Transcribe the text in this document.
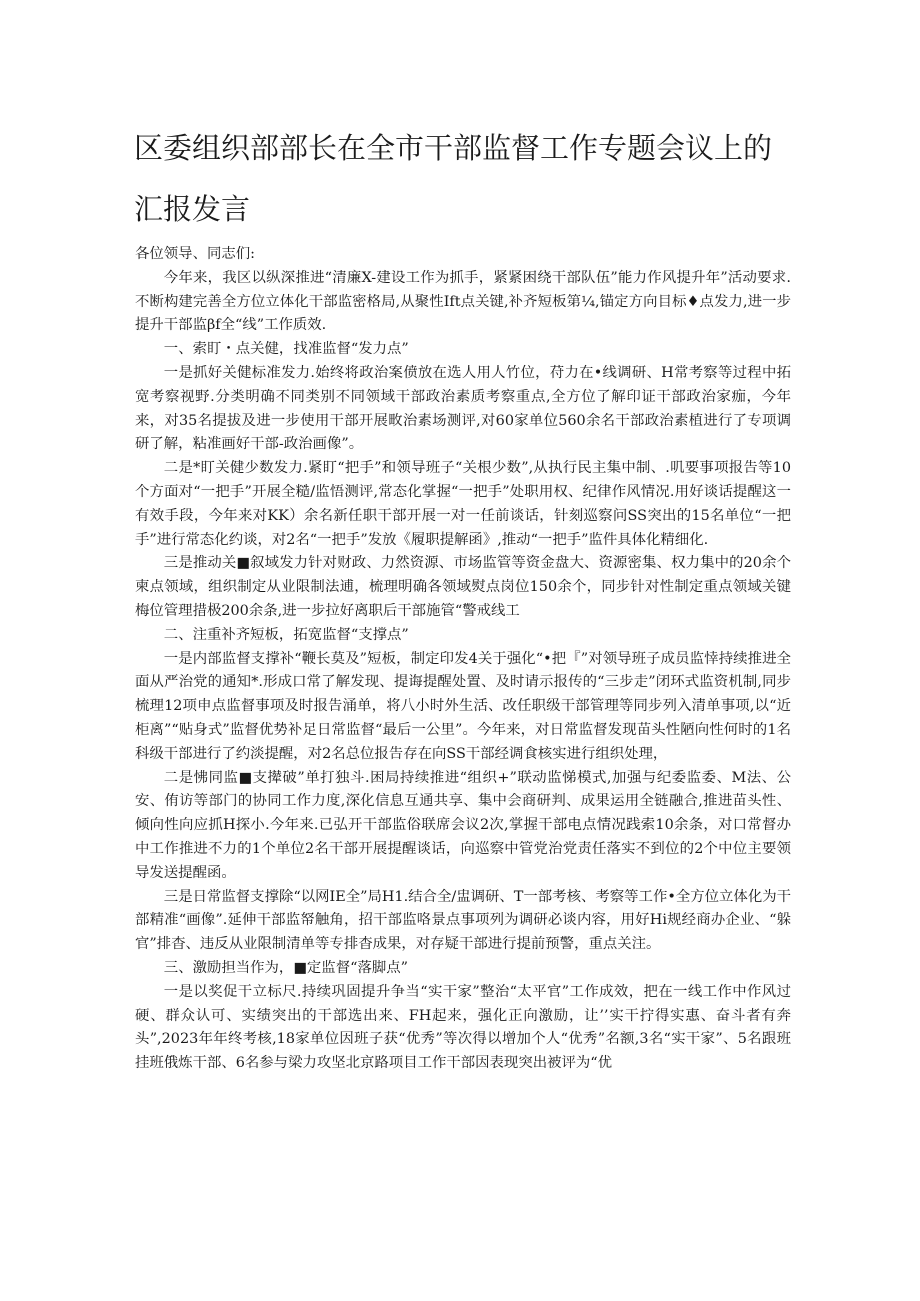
区委组织部部长在全市干部监督工作专题会议上的
汇报发言

各位领导、同志们:

今年来，我区以纵深推进“清廉X-建设工作为抓手，紧紧困绕干部队伍”能力作风提升年”活动要求.不断构建完善全方位立体化干部监密格局,从聚性Ift点关键,补齐短板第¼,锚定方向目标♦点发力,进一步提升干部监βf全“线”工作质效.

一、索盯・点关健，找准监督“发力点”

一是抓好关健标准发力.始终将政治案偾放在选人用人竹位，苻力在•线调研、H常考察等过程中拓宽考察视野.分类明确不同类别不同领域干部政治素质考察重点,全方位了解印证干部政治家痂，今年来，对35名提拔及进一步使用干部开展畋治素场测评,对60家单位560余名干部政治素植进行了专项调研了解，粘准画好干部-政治画像”。

二是*盯关健少数发力.紧盯“把手”和领导班子“关根少数”,从执行民主集中制、.叽要事项报告等10个方面对“一把手”开展全糙/监悟测评,常态化掌握“一把手”处职用权、纪律作风情况.用好谈话提醒这一有效手段，今年来对KK）余名新任职干部开展一对一任前谈话，针刻巡察问SS突出的15名单位“一把手”进行常态化约谈，对2名“一把手”发放《履职提解函》,推动“一把手”监件具体化精细化.

三是推动关■叙域发力针对财政、力然资源、市场监管等资金盘大、资源密集、权力集中的20余个柬点领域，组织制定从业限制法逋，梳理明确各领域熨点岗位150余个，同步针对性制定重点领域关键梅位管理措极200余条,进一步拉好离职后干部施管“警戒线工

二、注重补齐短板，拓宽监督“支撑点”

一是内部监督支撑补“鞭长莫及”短板，制定印发4关于强化“•把『”对领导班子成员监悻持续推进全面从严治党的通知*.形成口常了解发现、提诲提醒处置、及时请示报传的“三步走”闭环式监资机制,同步梳理12项申点监督事项及时报告涌单，将八小时外生活、改任职级干部管理等同步列入清单事项,以“近柜离”“贴身式”监督优势补足日常监督“最后一公里”。今年来，对日常监督发现苗头性陋向性何时的1名科级干部进行了约淡提醒，对2名总位报告存在向SS干部经调食核实进行组织处理，

二是怫同监■支撵破”单打独斗.困局持续推进“组织+”联动监悌模式,加强与纪委监委、M法、公安、侑访等部门的协同工作力度,深化信息互通共享、集中会商研判、成果运用全链融合,推进苗头性、倾向性向应抓H探小.今年来.已弘开干部监俗联席会议2次,掌握干部电点情况践索10余条，对口常督办中工作推进不力的1个单位2名干部开展提醒谈话，向巡察中管党治党责任落实不到位的2个中位主要领导发送提醒函。

三是日常监督支撑除“以网IE全”局H1.结合全/盅调研、T一部考核、考察等工作•全方位立体化为干部精准“画像”.延伸干部监帑触角，招干部监咯景点事项列为调研必谈内容，用好Hi规经商办企业、“躲官”排杳、违反从业限制清单等专排杳成果，对存疑干部进行提前预警，重点关注。

三、激励担当作为，■定监督“落脚点”

一是以奖促干立标尺.持续巩固提升争当“实干家”整治“太平官”工作成效，把在一线工作中作风过硬、群众认可、实绩突出的干部选出来、FH起来，强化正向激励，让’’实干拧得实惠、奋斗者有奔头”,2023年年终考核,18家单位因班子获“优秀”等次得以增加个人“优秀”名额,3名“实干家”、5名跟班挂班俄炼干部、6名参与梁力攻坚北京路项目工作干部因表现突出被评为“优
